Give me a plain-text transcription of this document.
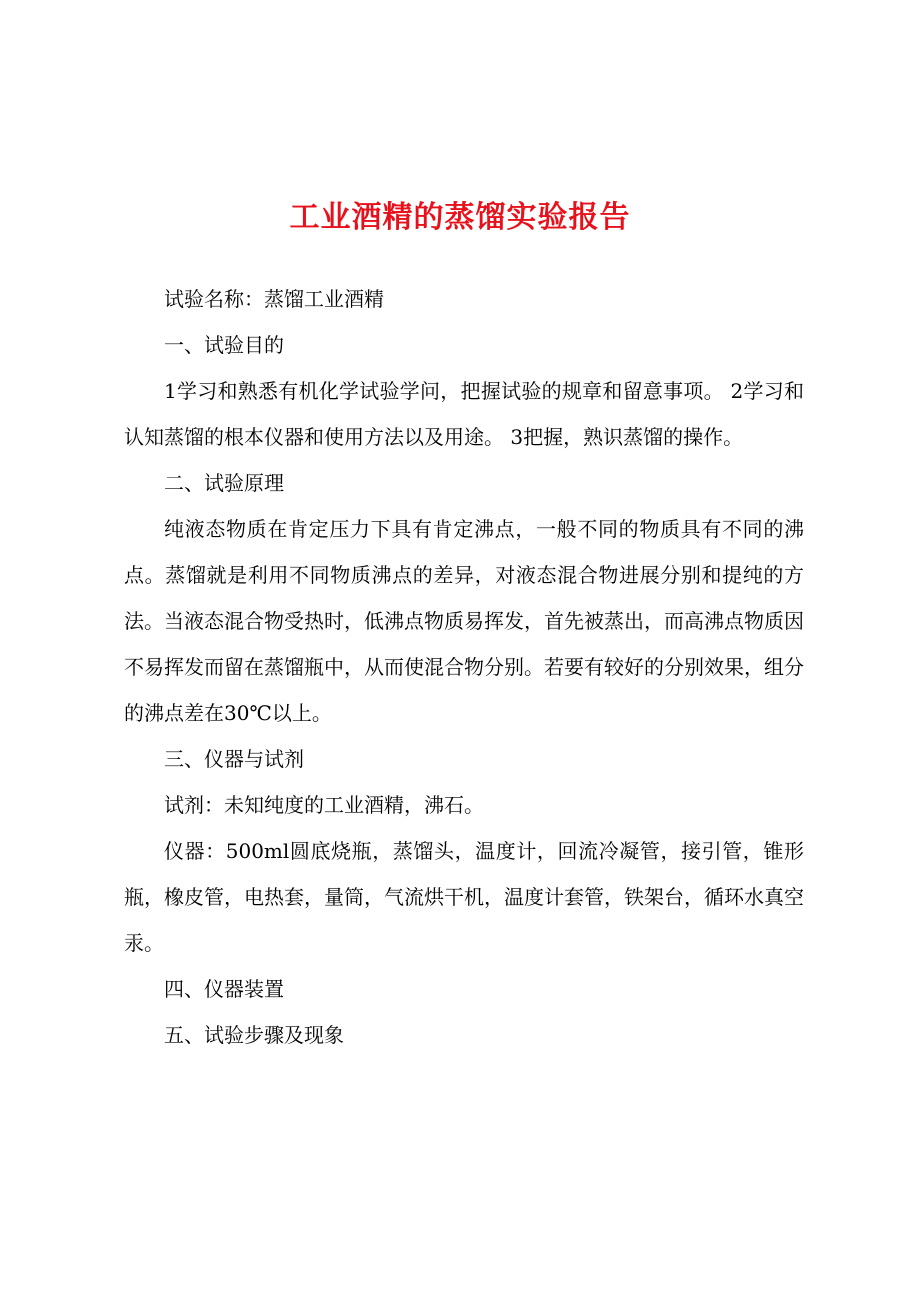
工业酒精的蒸馏实验报告

试验名称：蒸馏工业酒精

一、试验目的

1学习和熟悉有机化学试验学问，把握试验的规章和留意事项。 2学习和认知蒸馏的根本仪器和使用方法以及用途。 3把握，熟识蒸馏的操作。

二、试验原理

纯液态物质在肯定压力下具有肯定沸点，一般不同的物质具有不同的沸点。蒸馏就是利用不同物质沸点的差异，对液态混合物进展分别和提纯的方法。当液态混合物受热时，低沸点物质易挥发，首先被蒸出，而高沸点物质因不易挥发而留在蒸馏瓶中，从而使混合物分别。若要有较好的分别效果，组分的沸点差在30℃以上。

三、仪器与试剂

试剂：未知纯度的工业酒精，沸石。

仪器：500ml圆底烧瓶，蒸馏头，温度计，回流冷凝管，接引管，锥形瓶，橡皮管，电热套，量筒，气流烘干机，温度计套管，铁架台，循环水真空汞。

四、仪器装置

五、试验步骤及现象
